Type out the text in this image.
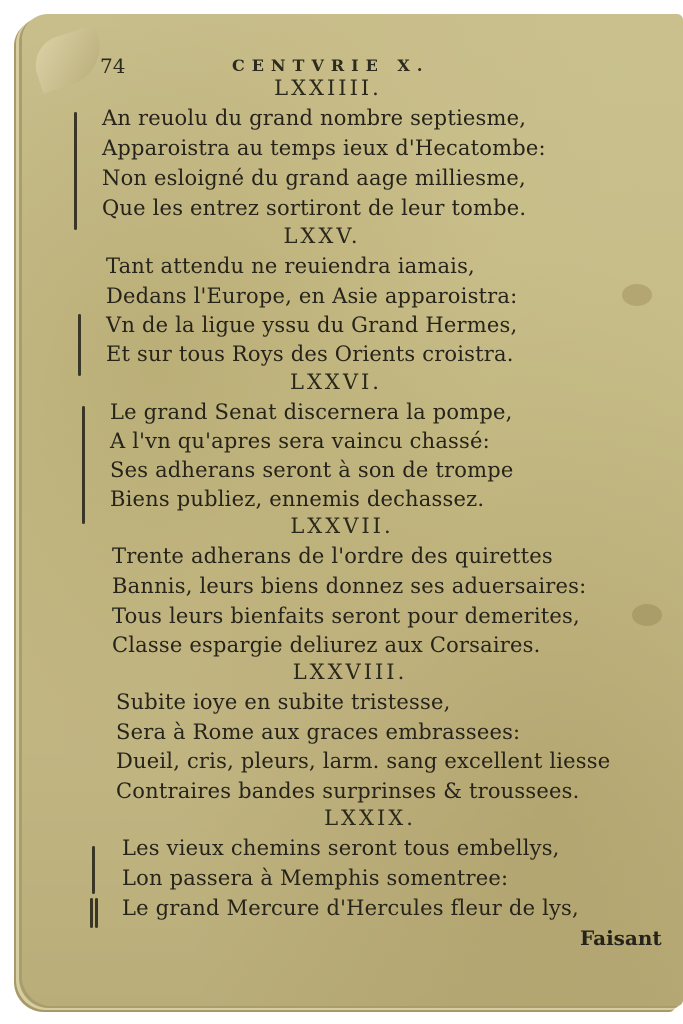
74	CENTVRIE X.
LXXIIII.
An reuolu du grand nombre septiesme,
Apparoistra au temps ieux d'Hecatombe:
Non esloigné du grand aage milliesme,
Que les entrez sortiront de leur tombe.
LXXV.
Tant attendu ne reuiendra iamais,
Dedans l'Europe, en Asie apparoistra:
Vn de la ligue yssu du Grand Hermes,
Et sur tous Roys des Orients croistra.
LXXVI.
Le grand Senat discernera la pompe,
A l'vn qu'apres sera vaincu chassé:
Ses adherans seront à son de trompe
Biens publiez, ennemis dechassez.
LXXVII.
Trente adherans de l'ordre des quirettes
Bannis, leurs biens donnez ses aduersaires:
Tous leurs bienfaits seront pour demerites,
Classe espargie deliurez aux Corsaires.
LXXVIII.
Subite ioye en subite tristesse,
Sera à Rome aux graces embrassees:
Dueil, cris, pleurs, larm. sang excellent liesse
Contraires bandes surprinses & troussees.
LXXIX.
Les vieux chemins seront tous embellys,
Lon passera à Memphis somentree:
Le grand Mercure d'Hercules fleur de lys,
Faisant
